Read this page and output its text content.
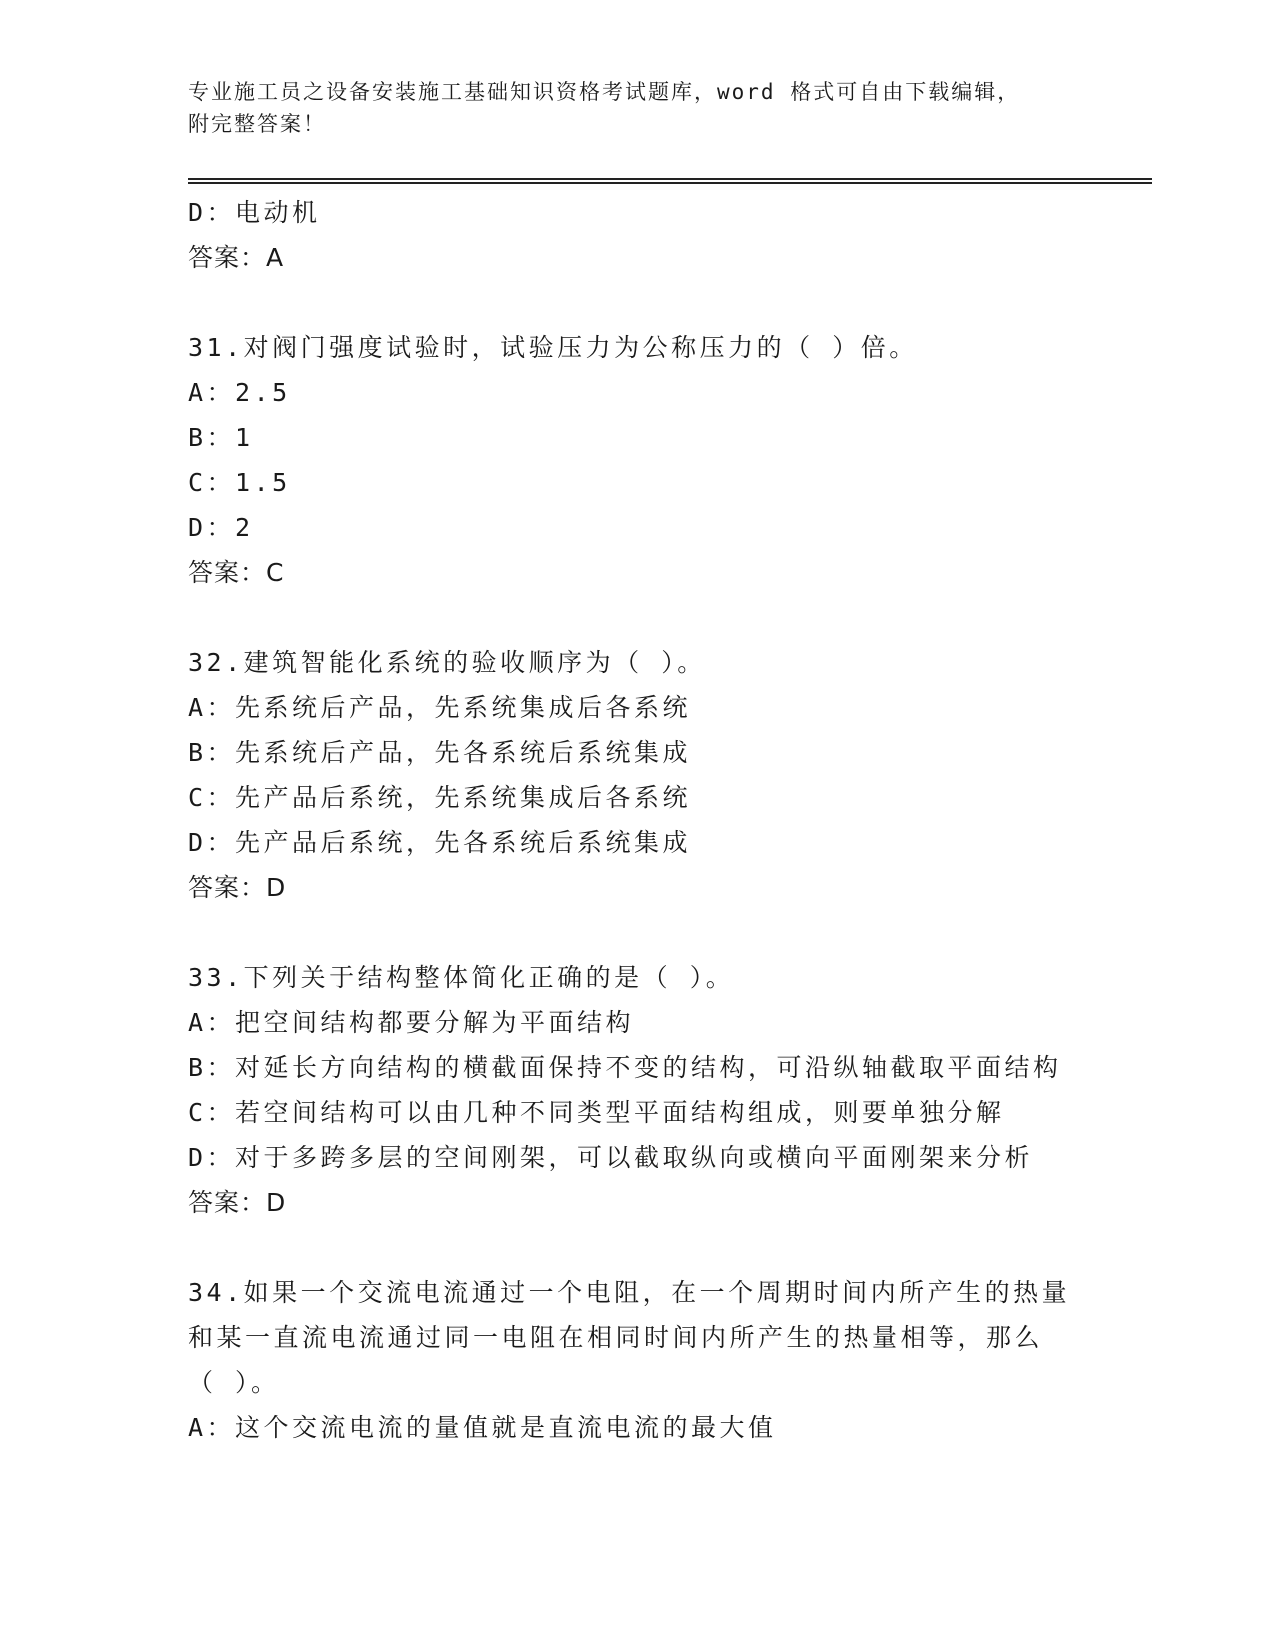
专业施工员之设备安装施工基础知识资格考试题库，word 格式可自由下载编辑，
附完整答案！
D：电动机
答案：A
31.对阀门强度试验时，试验压力为公称压力的（ ）倍。
A：2.5
B：1
C：1.5
D：2
答案：C
32.建筑智能化系统的验收顺序为（ ）。
A：先系统后产品，先系统集成后各系统
B：先系统后产品，先各系统后系统集成
C：先产品后系统，先系统集成后各系统
D：先产品后系统，先各系统后系统集成
答案：D
33.下列关于结构整体简化正确的是（ ）。
A：把空间结构都要分解为平面结构
B：对延长方向结构的横截面保持不变的结构，可沿纵轴截取平面结构
C：若空间结构可以由几种不同类型平面结构组成，则要单独分解
D：对于多跨多层的空间刚架，可以截取纵向或横向平面刚架来分析
答案：D
34.如果一个交流电流通过一个电阻，在一个周期时间内所产生的热量
和某一直流电流通过同一电阻在相同时间内所产生的热量相等，那么
（ ）。
A：这个交流电流的量值就是直流电流的最大值
